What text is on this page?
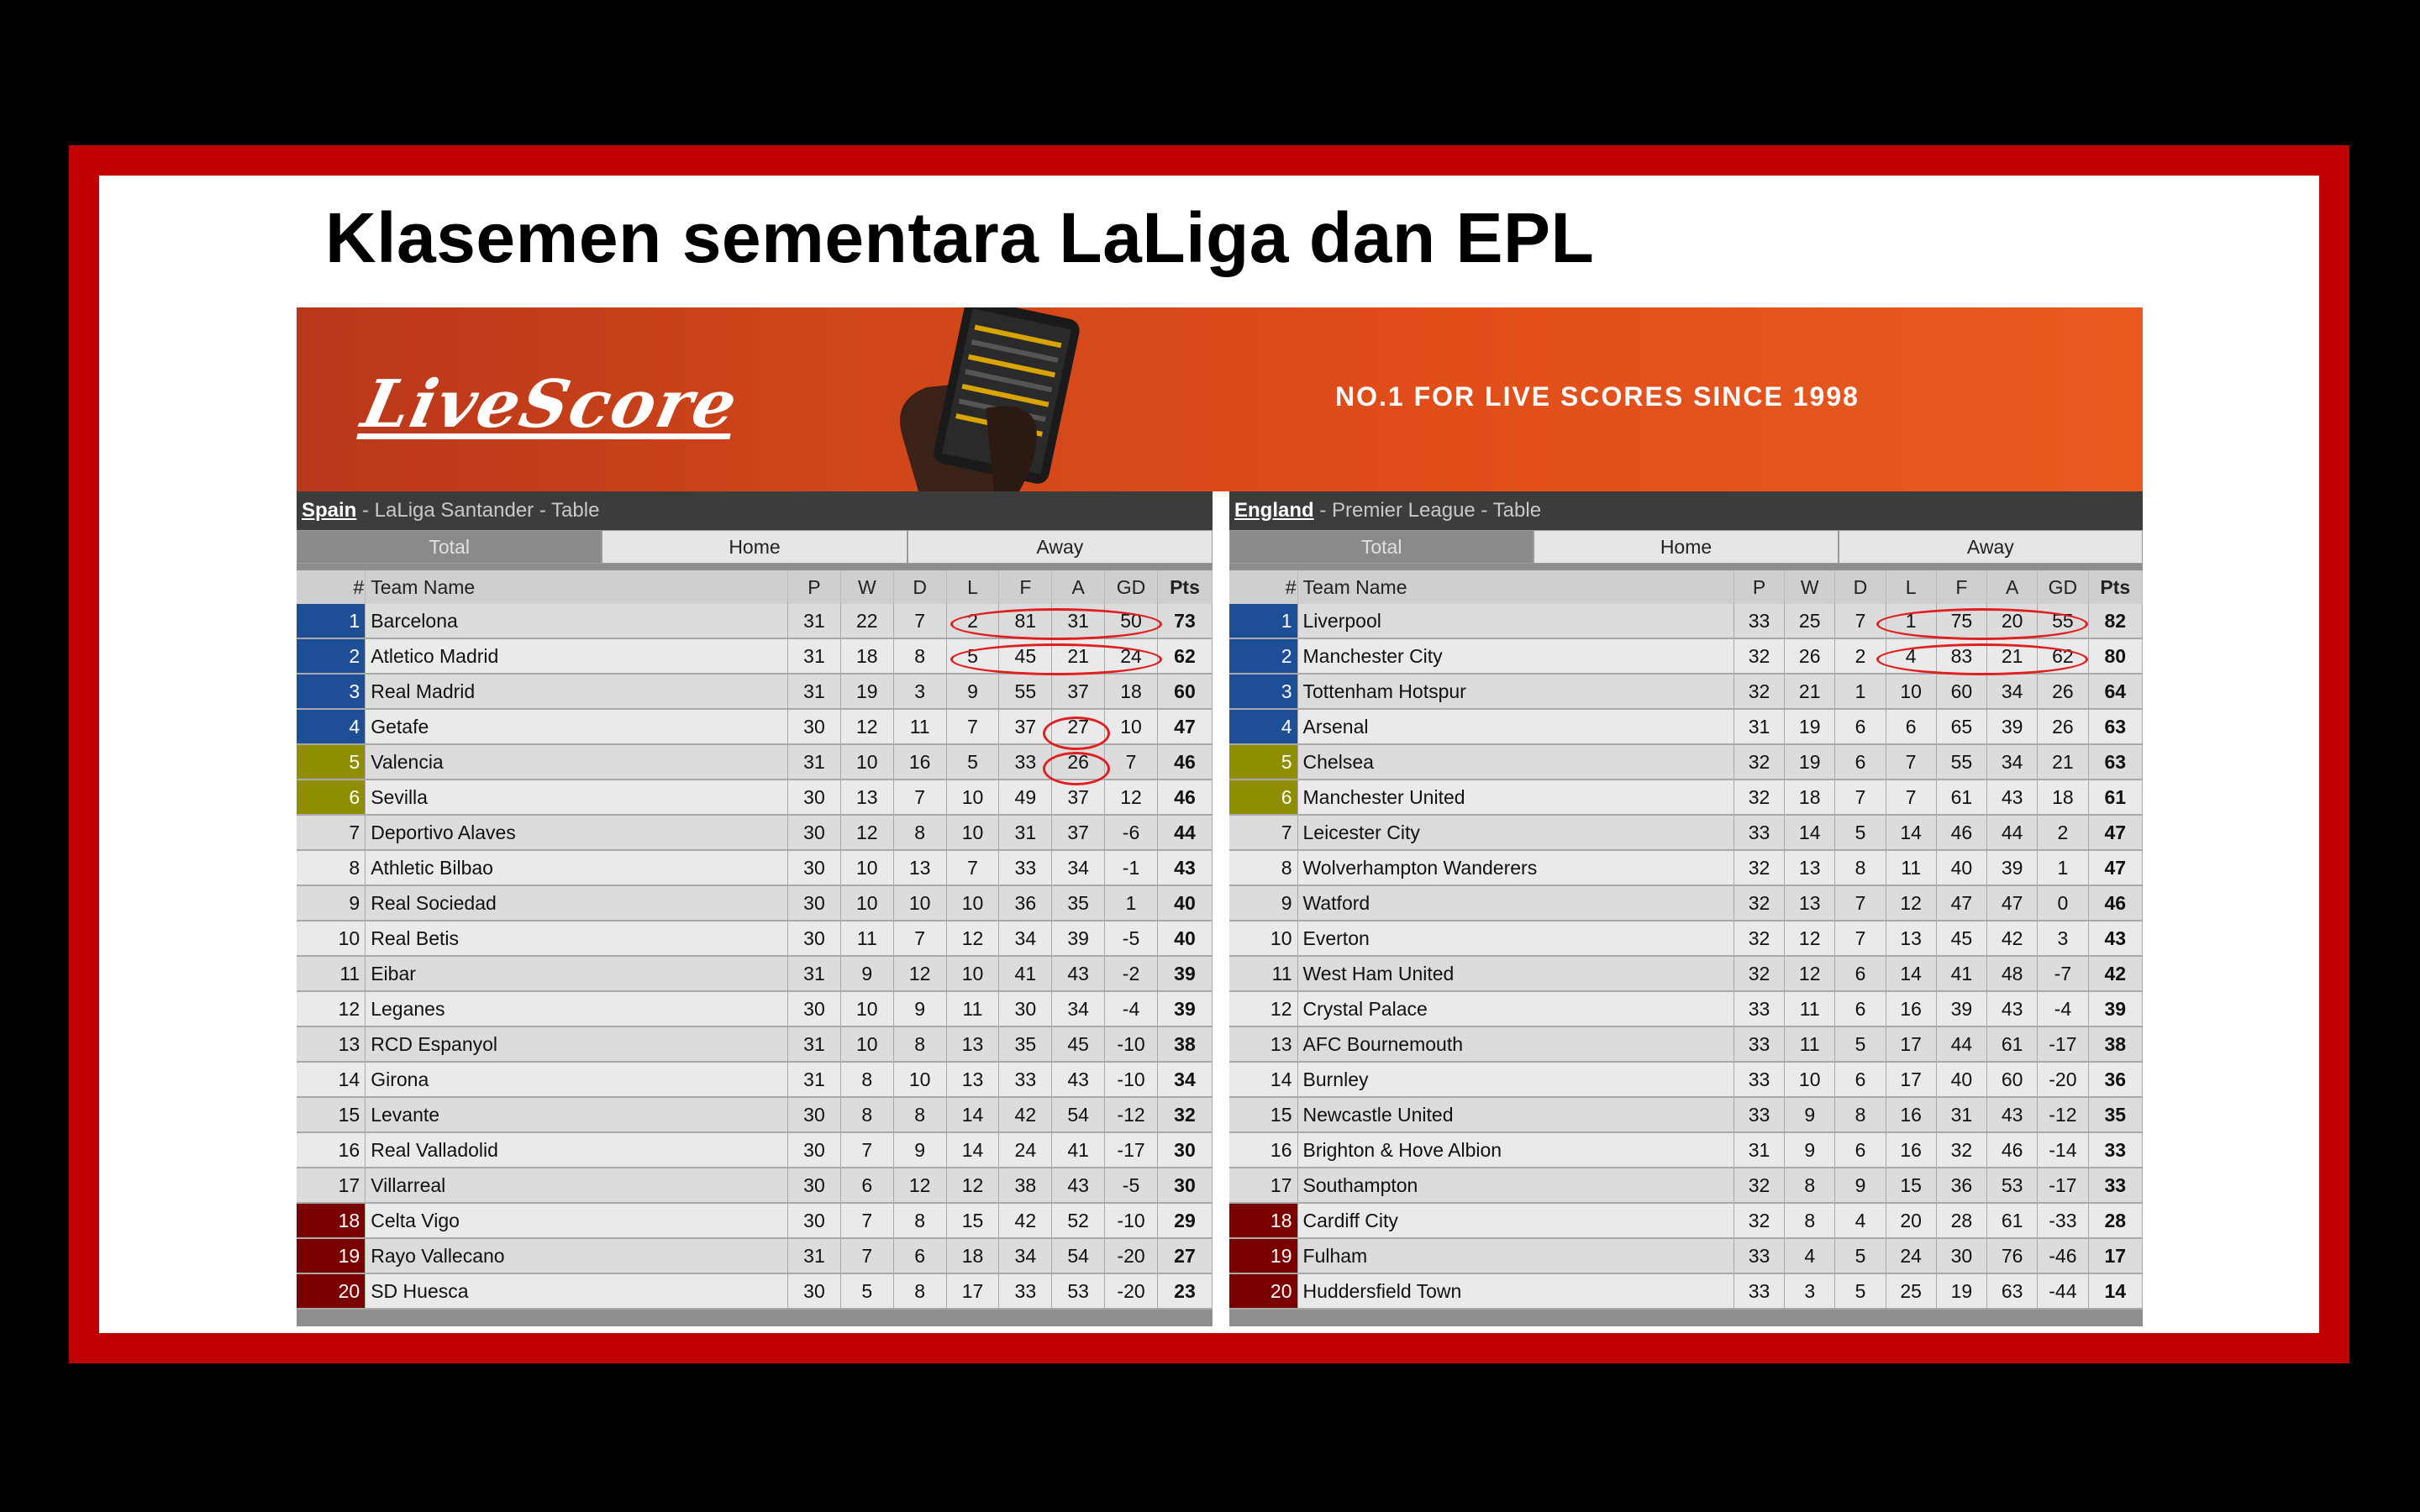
Klasemen sementara LaLiga dan EPL
LiveScore	NO.1 FOR LIVE SCORES SINCE 1998
Spain - LaLiga Santander - Table
Total	Home	Away
#	Team Name	P	W	D	L	F	A	GD	Pts
1	Barcelona	31	22	7	2	81	31	50	73
2	Atletico Madrid	31	18	8	5	45	21	24	62
3	Real Madrid	31	19	3	9	55	37	18	60
4	Getafe	30	12	11	7	37	27	10	47
5	Valencia	31	10	16	5	33	26	7	46
6	Sevilla	30	13	7	10	49	37	12	46
7	Deportivo Alaves	30	12	8	10	31	37	-6	44
8	Athletic Bilbao	30	10	13	7	33	34	-1	43
9	Real Sociedad	30	10	10	10	36	35	1	40
10	Real Betis	30	11	7	12	34	39	-5	40
11	Eibar	31	9	12	10	41	43	-2	39
12	Leganes	30	10	9	11	30	34	-4	39
13	RCD Espanyol	31	10	8	13	35	45	-10	38
14	Girona	31	8	10	13	33	43	-10	34
15	Levante	30	8	8	14	42	54	-12	32
16	Real Valladolid	30	7	9	14	24	41	-17	30
17	Villarreal	30	6	12	12	38	43	-5	30
18	Celta Vigo	30	7	8	15	42	52	-10	29
19	Rayo Vallecano	31	7	6	18	34	54	-20	27
20	SD Huesca	30	5	8	17	33	53	-20	23
England - Premier League - Table
Total	Home	Away
#	Team Name	P	W	D	L	F	A	GD	Pts
1	Liverpool	33	25	7	1	75	20	55	82
2	Manchester City	32	26	2	4	83	21	62	80
3	Tottenham Hotspur	32	21	1	10	60	34	26	64
4	Arsenal	31	19	6	6	65	39	26	63
5	Chelsea	32	19	6	7	55	34	21	63
6	Manchester United	32	18	7	7	61	43	18	61
7	Leicester City	33	14	5	14	46	44	2	47
8	Wolverhampton Wanderers	32	13	8	11	40	39	1	47
9	Watford	32	13	7	12	47	47	0	46
10	Everton	32	12	7	13	45	42	3	43
11	West Ham United	32	12	6	14	41	48	-7	42
12	Crystal Palace	33	11	6	16	39	43	-4	39
13	AFC Bournemouth	33	11	5	17	44	61	-17	38
14	Burnley	33	10	6	17	40	60	-20	36
15	Newcastle United	33	9	8	16	31	43	-12	35
16	Brighton & Hove Albion	31	9	6	16	32	46	-14	33
17	Southampton	32	8	9	15	36	53	-17	33
18	Cardiff City	32	8	4	20	28	61	-33	28
19	Fulham	33	4	5	24	30	76	-46	17
20	Huddersfield Town	33	3	5	25	19	63	-44	14
